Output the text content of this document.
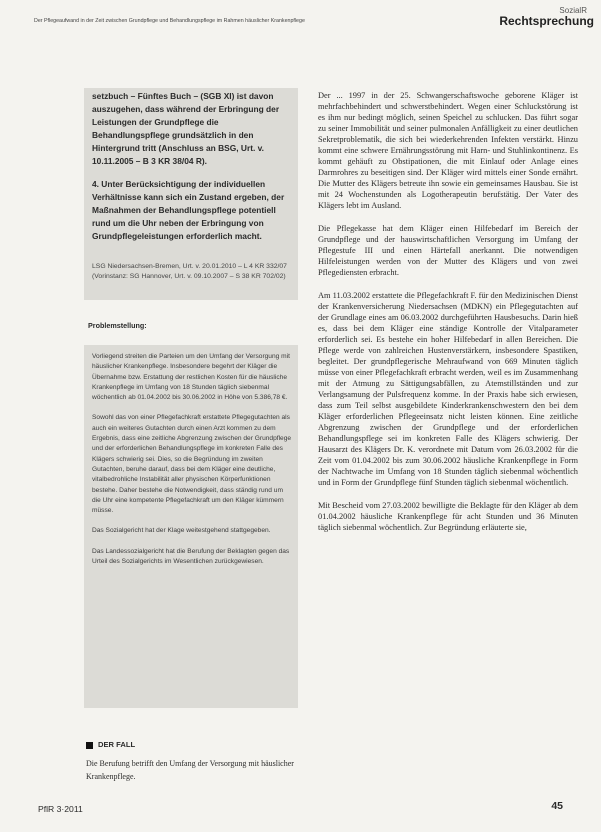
SozialR
Der Pflegeaufwand in der Zeit zwischen Grundpflege und Behandlungspflege im Rahmen häuslicher Krankenpflege	Rechtsprechung

setzbuch – Fünftes Buch – (SGB XI) ist davon auszugehen, dass während der Erbringung der Leistungen der Grundpflege die Behandlungspflege grundsätzlich in den Hintergrund tritt (Anschluss an BSG, Urt. v. 10.11.2005 – B 3 KR 38/04 R).

4. Unter Berücksichtigung der individuellen Verhältnisse kann sich ein Zustand ergeben, der Maßnahmen der Behandlungspflege potentiell rund um die Uhr neben der Erbringung von Grundpflegeleistungen erforderlich macht.

LSG Niedersachsen-Bremen, Urt. v. 20.01.2010 – L 4 KR 332/07 (Vorinstanz: SG Hannover, Urt. v. 09.10.2007 – S 38 KR 702/02)
Problemstellung:

Vorliegend streiten die Parteien um den Umfang der Versorgung mit häuslicher Krankenpflege. Insbesondere begehrt der Kläger die Übernahme bzw. Erstattung der restlichen Kosten für die häusliche Krankenpflege im Umfang von 18 Stunden täglich siebenmal wöchentlich ab 01.04.2002 bis 30.06.2002 in Höhe von 5.386,78 €.

Sowohl das von einer Pflegefachkraft erstattete Pflegegutachten als auch ein weiteres Gutachten durch einen Arzt kommen zu dem Ergebnis, dass eine zeitliche Abgrenzung zwischen der Grundpflege und der erforderlichen Behandlungspflege im konkreten Falle des Klägers schwierig sei. Dies, so die Begründung im zweiten Gutachten, beruhe darauf, dass bei dem Kläger eine deutliche, vitalbedrohliche Instabilität aller physischen Körperfunktionen bestehe. Daher bestehe die Notwendigkeit, dass ständig rund um die Uhr eine kompetente Pflegefachkraft um den Kläger kümmern müsse.

Das Sozialgericht hat der Klage weitestgehend stattgegeben.

Das Landessozialgericht hat die Berufung der Beklagten gegen das Urteil des Sozialgerichts im Wesentlichen zurückgewiesen.

DER FALL
Die Berufung betrifft den Umfang der Versorgung mit häuslicher Krankenpflege.

Der ... 1997 in der 25. Schwangerschaftswoche geborene Kläger ist mehrfachbehindert und schwerstbehindert. Wegen einer Schluckstörung ist es ihm nur bedingt möglich, seinen Speichel zu schlucken. Das führt sogar zu seiner Immobilität und seiner pulmonalen Anfälligkeit zu einer deutlichen Sekretproblematik, die sich bei wiederkehrenden Infekten verstärkt. Hinzu kommt eine schwere Ernährungsstörung mit Harn- und Stuhlinkontinenz. Es kommt gehäuft zu Obstipationen, die mit Einlauf oder Anlage eines Darmrohres zu beseitigen sind. Der Kläger wird mittels einer Sonde ernährt. Die Mutter des Klägers betreute ihn sowie ein gemeinsames Hausbau. Sie ist mit 24 Wochenstunden als Logotherapeutin berufstätig. Der Vater des Klägers lebt im Ausland.

Die Pflegekasse hat dem Kläger einen Hilfebedarf im Bereich der Grundpflege und der hauswirtschaftlichen Versorgung im Umfang der Pflegestufe III und einen Härtefall anerkannt. Die notwendigen Hilfeleistungen werden von der Mutter des Klägers und von zwei Pflegediensten erbracht.

Am 11.03.2002 erstattete die Pflegefachkraft F. für den Medizinischen Dienst der Krankenversicherung Niedersachsen (MDKN) ein Pflegegutachten auf der Grundlage eines am 06.03.2002 durchgeführten Hausbesuchs. Darin hieß es, dass bei dem Kläger eine ständige Kontrolle der Vitalparameter erforderlich sei. Es bestehe ein hoher Hilfebedarf in allen Bereichen. Die Pflege werde von zahlreichen Hustenverstärkern, insbesondere Spastiken, begleitet. Der grundpflegerische Mehraufwand von 669 Minuten täglich müsse von einer Pflegefachkraft erbracht werden, weil es im Zusammenhang mit der Atmung zu Sättigungsabfällen, zu Atemstillständen und zur Verlangsamung der Pulsfrequenz komme. In der Praxis habe sich erwiesen, dass zum Teil selbst ausgebildete Kinderkrankenschwestern den bei dem Kläger erforderlichen Pflegeeinsatz nicht leisten können. Eine zeitliche Abgrenzung zwischen der Grundpflege und der erforderlichen Behandlungspflege sei im konkreten Falle des Klägers schwierig. Der Hausarzt des Klägers Dr. K. verordnete mit Datum vom 26.03.2002 für die Zeit vom 01.04.2002 bis zum 30.06.2002 häusliche Krankenpflege in Form der Nachtwache im Umfang von 18 Stunden täglich siebenmal wöchentlich und in Form der Grundpflege fünf Stunden täglich siebenmal wöchentlich.

Mit Bescheid vom 27.03.2002 bewilligte die Beklagte für den Kläger ab dem 01.04.2002 häusliche Krankenpflege für acht Stunden und 36 Minuten täglich siebenmal wöchentlich. Zur Begründung erläuterte sie,

PflR 3·2011	45
